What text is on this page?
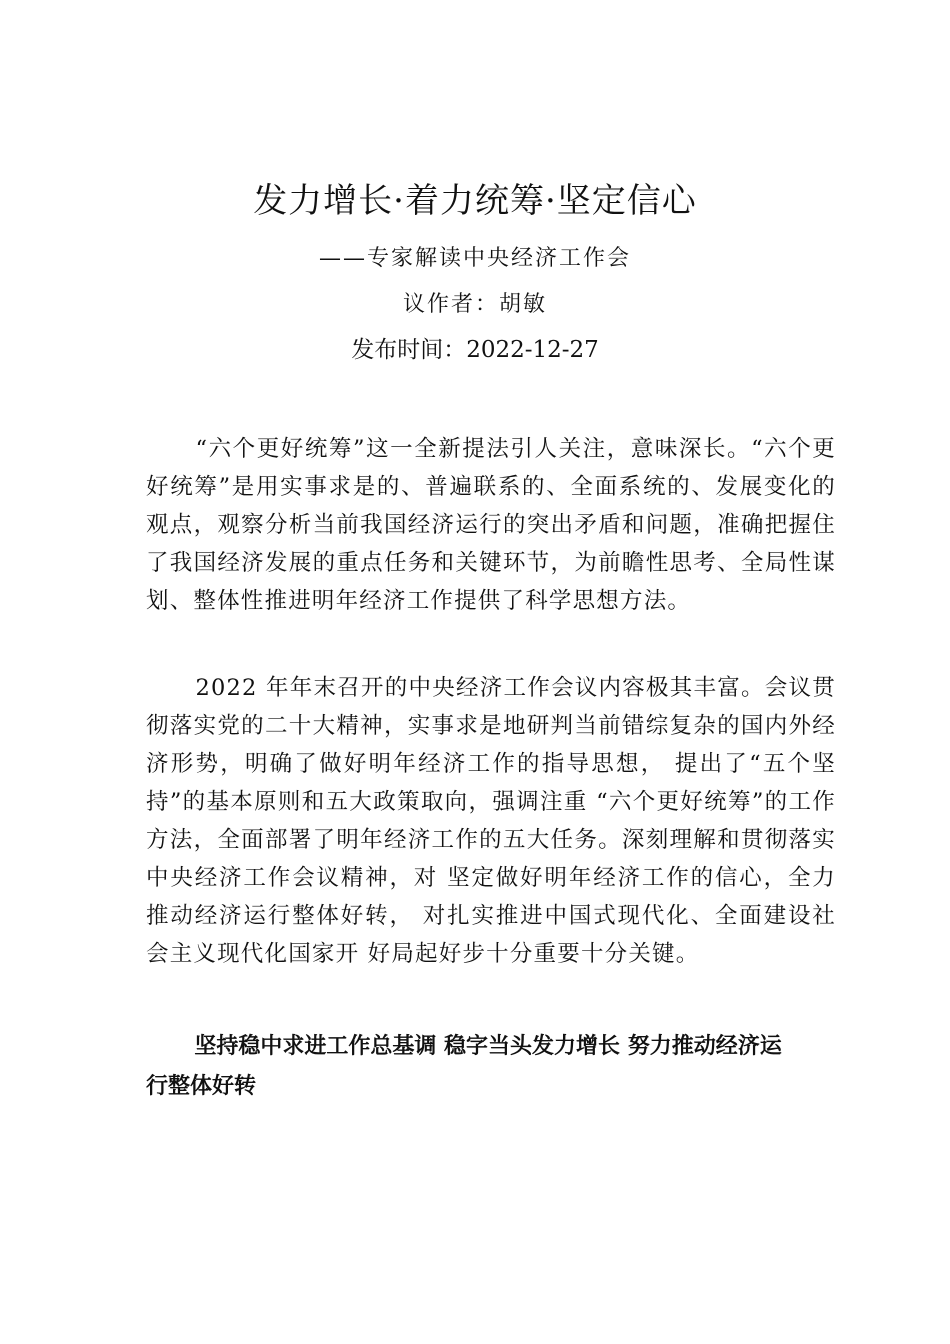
发力增长·着力统筹·坚定信心
——专家解读中央经济工作会
议作者：胡敏
发布时间：2022-12-27

“六个更好统筹”这一全新提法引人关注，意味深长。“六个更好统筹”是用实事求是的、普遍联系的、全面系统的、发展变化的观点，观察分析当前我国经济运行的突出矛盾和问题，准确把握住了我国经济发展的重点任务和关键环节，为前瞻性思考、全局性谋划、整体性推进明年经济工作提供了科学思想方法。

2022 年年末召开的中央经济工作会议内容极其丰富。会议贯彻落实党的二十大精神，实事求是地研判当前错综复杂的国内外经济形势，明确了做好明年经济工作的指导思想， 提出了“五个坚持”的基本原则和五大政策取向，强调注重 “六个更好统筹”的工作方法，全面部署了明年经济工作的五大任务。深刻理解和贯彻落实中央经济工作会议精神，对 坚定做好明年经济工作的信心，全力推动经济运行整体好转， 对扎实推进中国式现代化、全面建设社会主义现代化国家开 好局起好步十分重要十分关键。

坚持稳中求进工作总基调 稳字当头发力增长 努力推动经济运行整体好转
